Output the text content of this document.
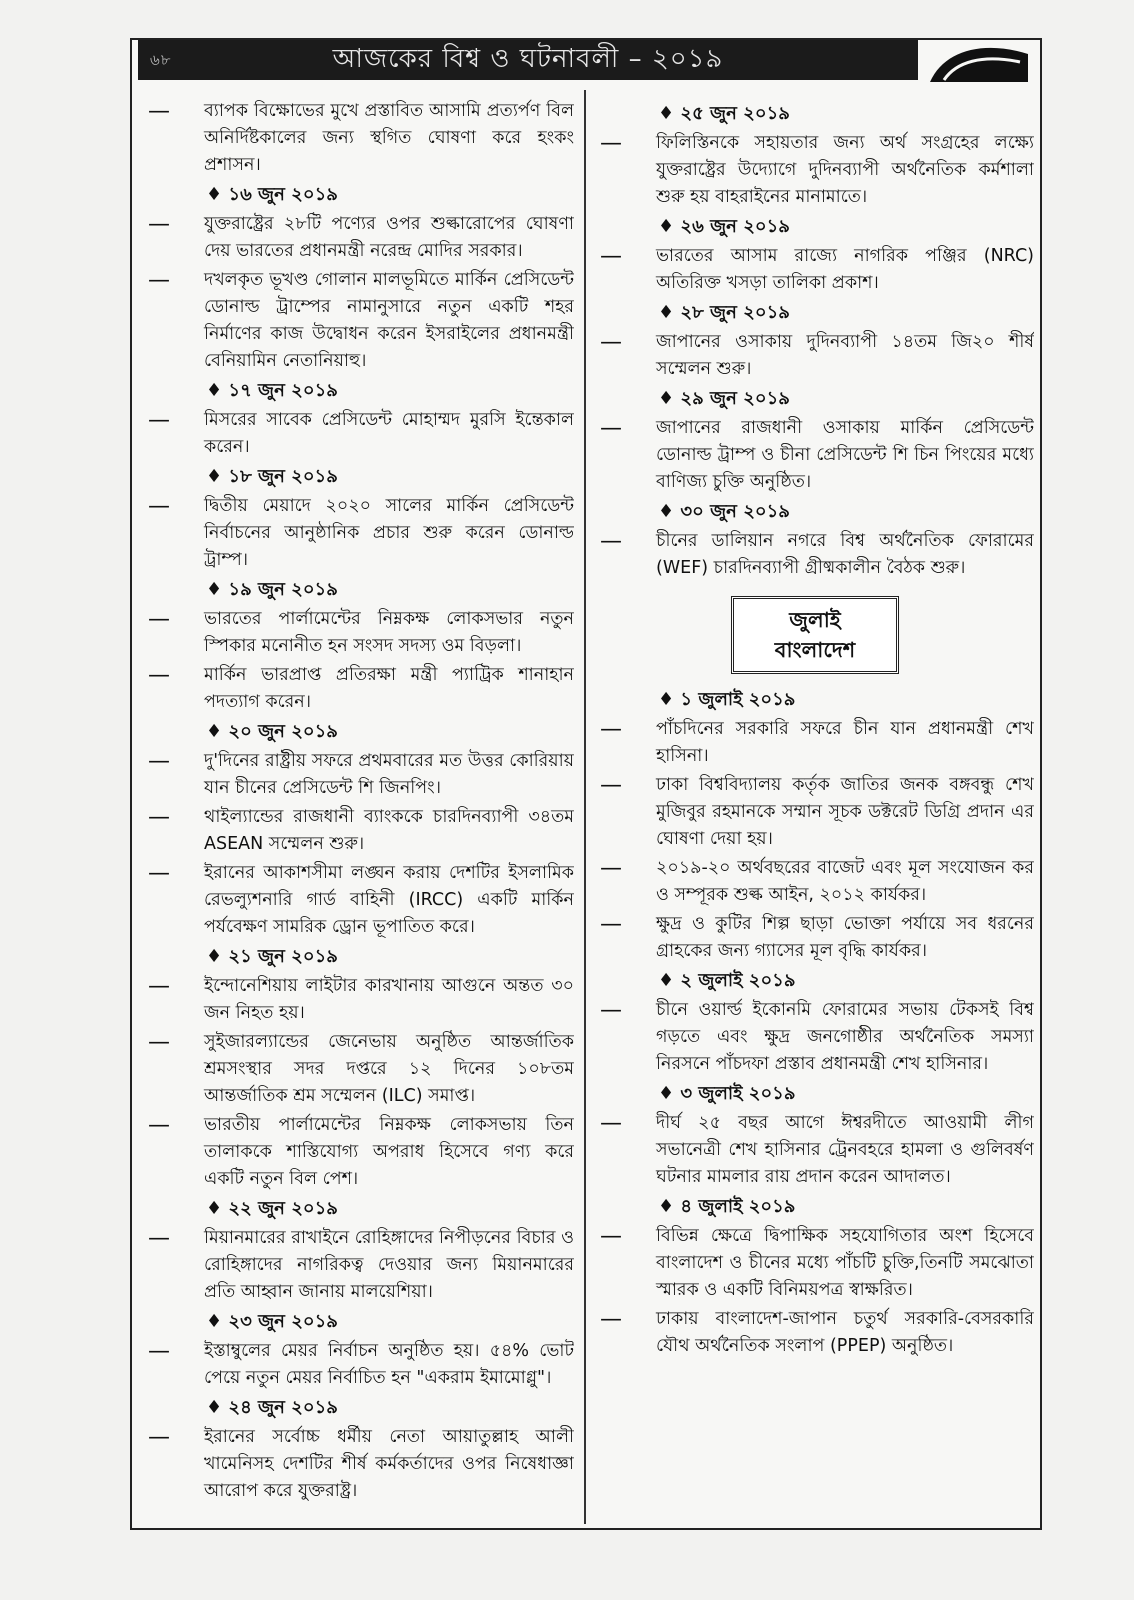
৬৮	আজকের বিশ্ব ও ঘটনাবলী – ২০১৯
—	ব্যাপক বিক্ষোভের মুখে প্রস্তাবিত আসামি প্রত্যর্পণ বিল অনির্দিষ্টকালের জন্য স্থগিত ঘোষণা করে হংকং প্রশাসন।
♦ ১৬ জুন ২০১৯
—	যুক্তরাষ্ট্রের ২৮টি পণ্যের ওপর শুল্কারোপের ঘোষণা দেয় ভারতের প্রধানমন্ত্রী নরেন্দ্র মোদির সরকার।
—	দখলকৃত ভূখণ্ড গোলান মালভূমিতে মার্কিন প্রেসিডেন্ট ডোনাল্ড ট্রাম্পের নামানুসারে নতুন একটি শহর নির্মাণের কাজ উদ্বোধন করেন ইসরাইলের প্রধানমন্ত্রী বেনিয়ামিন নেতানিয়াহু।
♦ ১৭ জুন ২০১৯
—	মিসরের সাবেক প্রেসিডেন্ট মোহাম্মদ মুরসি ইন্তেকাল করেন।
♦ ১৮ জুন ২০১৯
—	দ্বিতীয় মেয়াদে ২০২০ সালের মার্কিন প্রেসিডেন্ট নির্বাচনের আনুষ্ঠানিক প্রচার শুরু করেন ডোনাল্ড ট্রাম্প।
♦ ১৯ জুন ২০১৯
—	ভারতের পার্লামেন্টের নিম্নকক্ষ লোকসভার নতুন স্পিকার মনোনীত হন সংসদ সদস্য ওম বিড়লা।
—	মার্কিন ভারপ্রাপ্ত প্রতিরক্ষা মন্ত্রী প্যাট্রিক শানাহান পদত্যাগ করেন।
♦ ২০ জুন ২০১৯
—	দু'দিনের রাষ্ট্রীয় সফরে প্রথমবারের মত উত্তর কোরিয়ায় যান চীনের প্রেসিডেন্ট শি জিনপিং।
—	থাইল্যান্ডের রাজধানী ব্যাংককে চারদিনব্যাপী ৩৪তম ASEAN সম্মেলন শুরু।
—	ইরানের আকাশসীমা লঙ্ঘন করায় দেশটির ইসলামিক রেভল্যুশনারি গার্ড বাহিনী (IRCC) একটি মার্কিন পর্যবেক্ষণ সামরিক ড্রোন ভূপাতিত করে।
♦ ২১ জুন ২০১৯
—	ইন্দোনেশিয়ায় লাইটার কারখানায় আগুনে অন্তত ৩০ জন নিহত হয়।
—	সুইজারল্যান্ডের জেনেভায় অনুষ্ঠিত আন্তর্জাতিক শ্রমসংস্থার সদর দপ্তরে ১২ দিনের ১০৮তম আন্তর্জাতিক শ্রম সম্মেলন (ILC) সমাপ্ত।
—	ভারতীয় পার্লামেন্টের নিম্নকক্ষ লোকসভায় তিন তালাককে শাস্তিযোগ্য অপরাধ হিসেবে গণ্য করে একটি নতুন বিল পেশ।
♦ ২২ জুন ২০১৯
—	মিয়ানমারের রাখাইনে রোহিঙ্গাদের নিপীড়নের বিচার ও রোহিঙ্গাদের নাগরিকত্ব দেওয়ার জন্য মিয়ানমারের প্রতি আহ্বান জানায় মালয়েশিয়া।
♦ ২৩ জুন ২০১৯
—	ইস্তাম্বুলের মেয়র নির্বাচন অনুষ্ঠিত হয়। ৫৪% ভোট পেয়ে নতুন মেয়র নির্বাচিত হন "একরাম ইমামোগ্লু"।
♦ ২৪ জুন ২০১৯
—	ইরানের সর্বোচ্চ ধর্মীয় নেতা আয়াতুল্লাহ আলী খামেনিসহ দেশটির শীর্ষ কর্মকর্তাদের ওপর নিষেধাজ্ঞা আরোপ করে যুক্তরাষ্ট্র।
♦ ২৫ জুন ২০১৯
—	ফিলিস্তিনকে সহায়তার জন্য অর্থ সংগ্রহের লক্ষ্যে যুক্তরাষ্ট্রের উদ্যোগে দুদিনব্যাপী অর্থনৈতিক কর্মশালা শুরু হয় বাহরাইনের মানামাতে।
♦ ২৬ জুন ২০১৯
—	ভারতের আসাম রাজ্যে নাগরিক পঞ্জির (NRC) অতিরিক্ত খসড়া তালিকা প্রকাশ।
♦ ২৮ জুন ২০১৯
—	জাপানের ওসাকায় দুদিনব্যাপী ১৪তম জি২০ শীর্ষ সম্মেলন শুরু।
♦ ২৯ জুন ২০১৯
—	জাপানের রাজধানী ওসাকায় মার্কিন প্রেসিডেন্ট ডোনাল্ড ট্রাম্প ও চীনা প্রেসিডেন্ট শি চিন পিংয়ের মধ্যে বাণিজ্য চুক্তি অনুষ্ঠিত।
♦ ৩০ জুন ২০১৯
—	চীনের ডালিয়ান নগরে বিশ্ব অর্থনৈতিক ফোরামের (WEF) চারদিনব্যাপী গ্রীষ্মকালীন বৈঠক শুরু।
জুলাই
বাংলাদেশ
♦ ১ জুলাই ২০১৯
—	পাঁচদিনের সরকারি সফরে চীন যান প্রধানমন্ত্রী শেখ হাসিনা।
—	ঢাকা বিশ্ববিদ্যালয় কর্তৃক জাতির জনক বঙ্গবন্ধু শেখ মুজিবুর রহমানকে সম্মান সূচক ডক্টরেট ডিগ্রি প্রদান এর ঘোষণা দেয়া হয়।
—	২০১৯-২০ অর্থবছরের বাজেট এবং মূল সংযোজন কর ও সম্পূরক শুল্ক আইন, ২০১২ কার্যকর।
—	ক্ষুদ্র ও কুটির শিল্প ছাড়া ভোক্তা পর্যায়ে সব ধরনের গ্রাহকের জন্য গ্যাসের মূল বৃদ্ধি কার্যকর।
♦ ২ জুলাই ২০১৯
—	চীনে ওয়ার্ল্ড ইকোনমি ফোরামের সভায় টেকসই বিশ্ব গড়তে এবং ক্ষুদ্র জনগোষ্ঠীর অর্থনৈতিক সমস্যা নিরসনে পাঁচদফা প্রস্তাব প্রধানমন্ত্রী শেখ হাসিনার।
♦ ৩ জুলাই ২০১৯
—	দীর্ঘ ২৫ বছর আগে ঈশ্বরদীতে আওয়ামী লীগ সভানেত্রী শেখ হাসিনার ট্রেনবহরে হামলা ও গুলিবর্ষণ ঘটনার মামলার রায় প্রদান করেন আদালত।
♦ ৪ জুলাই ২০১৯
—	বিভিন্ন ক্ষেত্রে দ্বিপাক্ষিক সহযোগিতার অংশ হিসেবে বাংলাদেশ ও চীনের মধ্যে পাঁচটি চুক্তি,তিনটি সমঝোতা স্মারক ও একটি বিনিময়পত্র স্বাক্ষরিত।
—	ঢাকায় বাংলাদেশ-জাপান চতুর্থ সরকারি-বেসরকারি যৌথ অর্থনৈতিক সংলাপ (PPEP) অনুষ্ঠিত।
